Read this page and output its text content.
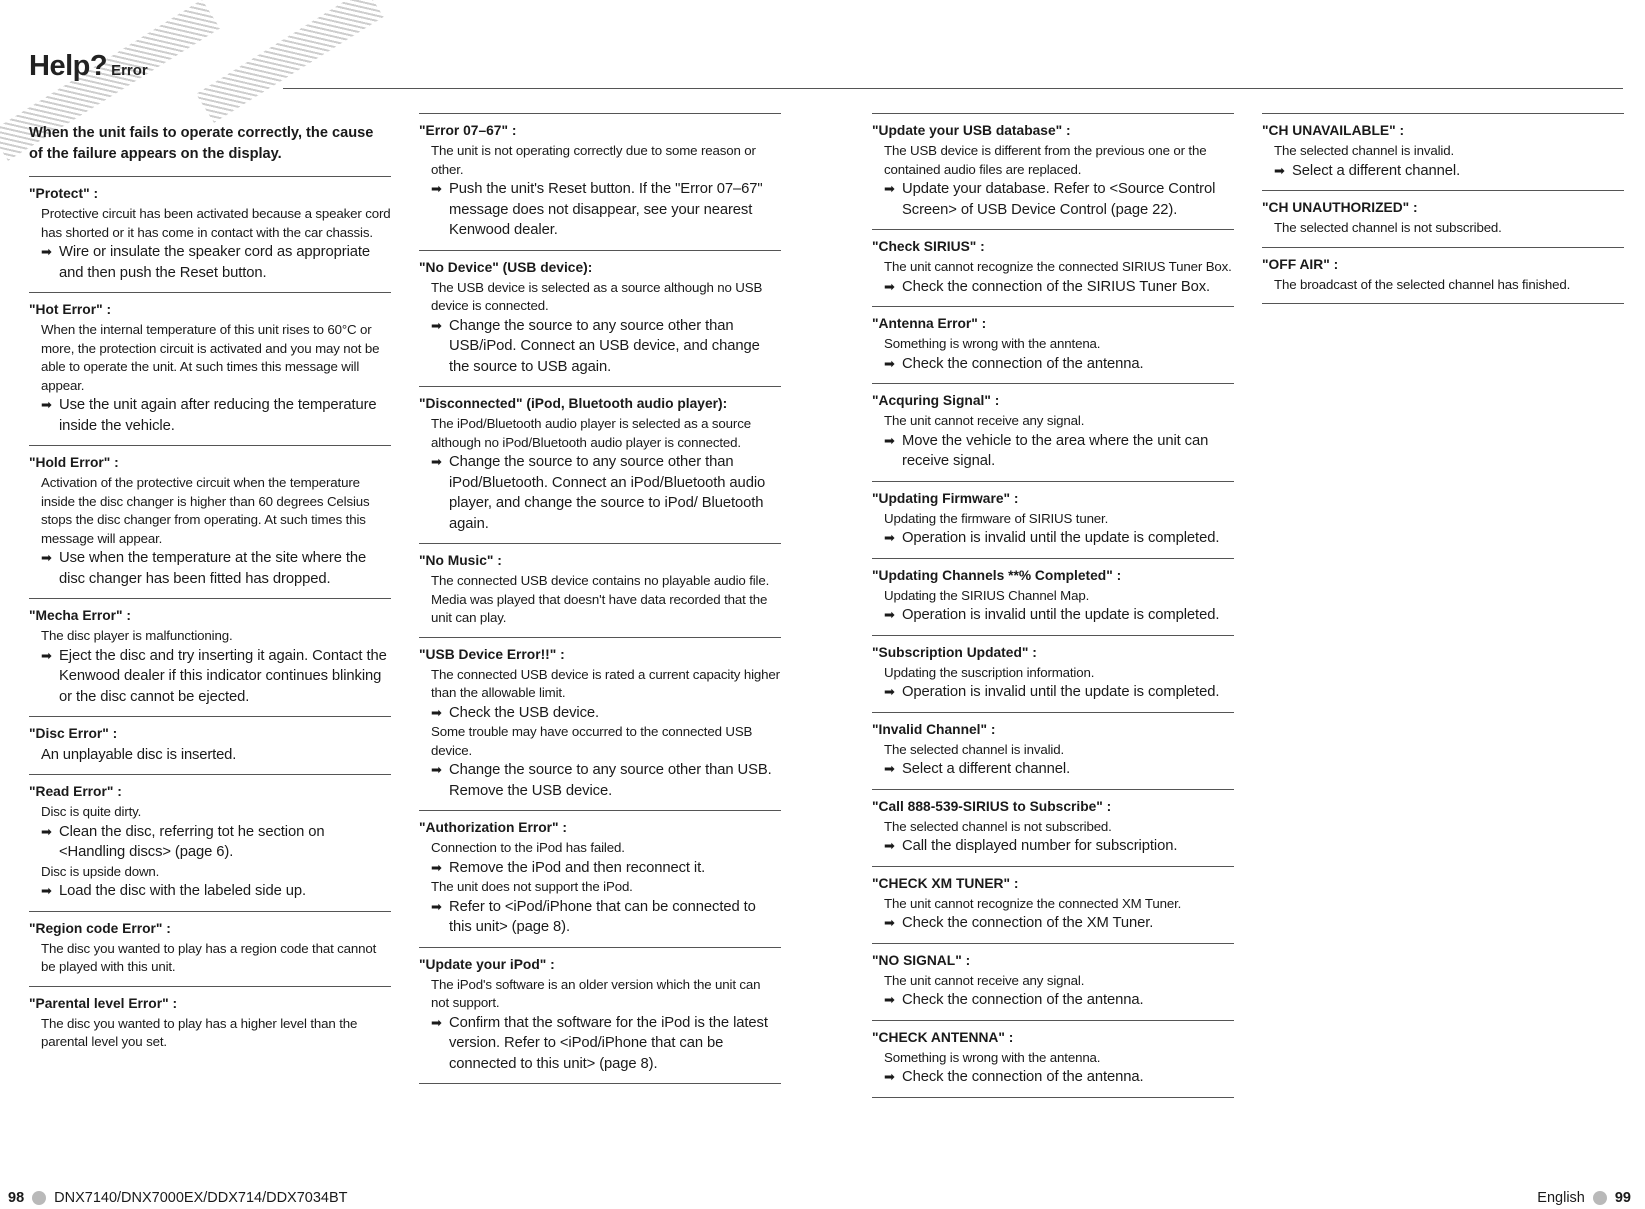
Help? Error
When the unit fails to operate correctly, the cause of the failure appears on the display.
"Protect" :
Protective circuit has been activated because a speaker cord has shorted or it has come in contact with the car chassis.
➡ Wire or insulate the speaker cord as appropriate and then push the Reset button.
"Hot Error" :
When the internal temperature of this unit rises to 60°C or more, the protection circuit is activated and you may not be able to operate the unit. At such times this message will appear.
➡ Use the unit again after reducing the temperature inside the vehicle.
"Hold Error" :
Activation of the protective circuit when the temperature inside the disc changer is higher than 60 degrees Celsius stops the disc changer from operating. At such times this message will appear.
➡ Use when the temperature at the site where the disc changer has been fitted has dropped.
"Mecha Error" :
The disc player is malfunctioning.
➡ Eject the disc and try inserting it again. Contact the Kenwood dealer if this indicator continues blinking or the disc cannot be ejected.
"Disc Error" :
An unplayable disc is inserted.
"Read Error" :
Disc is quite dirty.
➡ Clean the disc, referring tot he section on <Handling discs> (page 6).
Disc is upside down.
➡ Load the disc with the labeled side up.
"Region code Error" :
The disc you wanted to play has a region code that cannot be played with this unit.
"Parental level Error" :
The disc you wanted to play has a higher level than the parental level you set.
"Error 07–67" :
The unit is not operating correctly due to some reason or other.
➡ Push the unit's Reset button. If the "Error 07–67" message does not disappear, see your nearest Kenwood dealer.
"No Device" (USB device):
The USB device is selected as a source although no USB device is connected.
➡ Change the source to any source other than USB/iPod. Connect an USB device, and change the source to USB again.
"Disconnected" (iPod, Bluetooth audio player):
The iPod/Bluetooth audio player is selected as a source although no iPod/Bluetooth audio player is connected.
➡ Change the source to any source other than iPod/Bluetooth. Connect an iPod/Bluetooth audio player, and change the source to iPod/ Bluetooth again.
"No Music" :
The connected USB device contains no playable audio file.
Media was played that doesn't have data recorded that the unit can play.
"USB Device Error!!" :
The connected USB device is rated a current capacity higher than the allowable limit.
➡ Check the USB device.
Some trouble may have occurred to the connected USB device.
➡ Change the source to any source other than USB. Remove the USB device.
"Authorization Error" :
Connection to the iPod has failed.
➡ Remove the iPod and then reconnect it.
The unit does not support the iPod.
➡ Refer to <iPod/iPhone that can be connected to this unit> (page 8).
"Update your iPod" :
The iPod's software is an older version which the unit can not support.
➡ Confirm that the software for the iPod is the latest version. Refer to <iPod/iPhone that can be connected to this unit> (page 8).
"Update your USB database" :
The USB device is different from the previous one or the contained audio files are replaced.
➡ Update your database. Refer to <Source Control Screen> of USB Device Control (page 22).
"Check SIRIUS" :
The unit cannot recognize the connected SIRIUS Tuner Box.
➡ Check the connection of the SIRIUS Tuner Box.
"Antenna Error" :
Something is wrong with the anntena.
➡ Check the connection of the antenna.
"Acquring Signal" :
The unit cannot receive any signal.
➡ Move the vehicle to the area where the unit can receive signal.
"Updating Firmware" :
Updating the firmware of SIRIUS tuner.
➡ Operation is invalid until the update is completed.
"Updating Channels **% Completed" :
Updating the SIRIUS Channel Map.
➡ Operation is invalid until the update is completed.
"Subscription Updated" :
Updating the suscription information.
➡ Operation is invalid until the update is completed.
"Invalid Channel" :
The selected channel is invalid.
➡ Select a different channel.
"Call 888-539-SIRIUS to Subscribe" :
The selected channel is not subscribed.
➡ Call the displayed number for subscription.
"CHECK XM TUNER" :
The unit cannot recognize the connected XM Tuner.
➡ Check the connection of the XM Tuner.
"NO SIGNAL" :
The unit cannot receive any signal.
➡ Check the connection of the antenna.
"CHECK ANTENNA" :
Something is wrong with the antenna.
➡ Check the connection of the antenna.
"CH UNAVAILABLE" :
The selected channel is invalid.
➡ Select a different channel.
"CH UNAUTHORIZED" :
The selected channel is not subscribed.
"OFF AIR" :
The broadcast of the selected channel has finished.
98 DNX7140/DNX7000EX/DDX714/DDX7034BT	English 99
